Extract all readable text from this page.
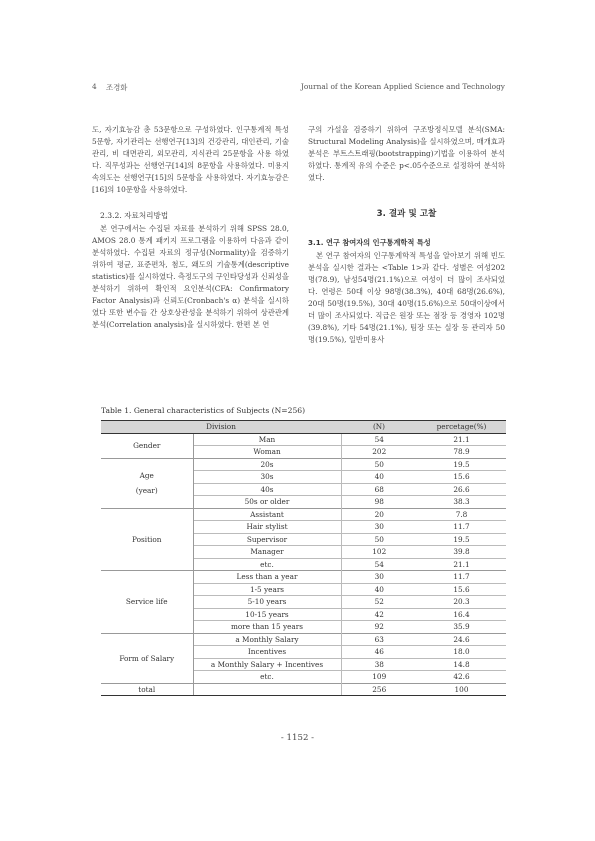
4 조경화	Journal of the Korean Applied Science and Technology

도, 자기효능감 총 53문항으로 구성하였다. 인구통계적 특성 5문항, 자기관리는 선행연구[13]의 건강관리, 대인관리, 기술 관리, 비 대면관리, 외모관리, 지식관리 25문항을 사용 하였다. 직무성과는 선행연구[14]의 8문항을 사용하였다. 미용지속의도는 선행연구[15]의 5문항을 사용하였다. 자기효능감은[16]의 10문항을 사용하였다.

2.3.2. 자료처리방법

본 연구에서는 수집된 자료를 분석하기 위해 SPSS 28.0, AMOS 28.0 통계 패키지 프로그램을 이용하여 다음과 같이 분석하였다. 수집된 자료의 정규성(Normality)을 검증하기 위하여 평균, 표준편차, 첨도, 왜도의 기술통계(descriptive statistics)를 실시하였다. 측정도구의 구인타당성과 신뢰성을 분석하기 위하여 확인적 요인분석(CFA: Confirmatory Factor Analysis)과 신뢰도(Cronbach's α) 분석을 실시하였다 또한 변수들 간 상호상관성을 분석하기 위하여 상관관계 분석(Correlation analysis)을 실시하였다. 한편 본 연

구의 가설을 검증하기 위하여 구조방정식모델 분석(SMA: Structural Modeling Analysis)을 실시하였으며, 매개효과 분석은 부트스트래핑(bootstrapping)기법을 이용하여 분석하였다. 통계적 유의 수준은 p<.05수준으로 설정하여 분석하였다.

3. 결과 및 고찰

3.1. 연구 참여자의 인구통계학적 특성

본 연구 참여자의 인구통계학적 특성을 알아보기 위해 빈도분석을 실시한 결과는 <Table 1>과 같다. 성별은 여성202명(78.9), 남성54명(21.1%)으로 여성이 더 많이 조사되었다. 연령은 50대 이상 98명(38.3%), 40대 68명(26.6%), 20대 50명(19.5%), 30대 40명(15.6%)으로 50대이상에서 더 많이 조사되었다. 직급은 원장 또는 점장 등 경영자 102명(39.8%), 기타 54명(21.1%), 팀장 또는 실장 등 관리자 50명(19.5%), 일반미용사

Table 1. General characteristics of Subjects (N=256)
Division		(N)	percetage(%)
Gender	Man	54	21.1
	Woman	202	78.9

Age
(year)	20s	50	19.5
	30s	40	15.6
	40s	68	26.6
	50s or older	98	38.3
Position	Assistant	20	7.8
	Hair stylist	30	11.7
	Supervisor	50	19.5
	Manager	102	39.8
	etc.	54	21.1
Service life	Less than a year	30	11.7
	1-5 years	40	15.6
	5-10 years	52	20.3
	10-15 years	42	16.4
	more than 15 years	92	35.9
Form of Salary	a Monthly Salary	63	24.6
	Incentives	46	18.0
	a Monthly Salary + Incentives	38	14.8
	etc.	109	42.6
total		256	100
- 1152 -
